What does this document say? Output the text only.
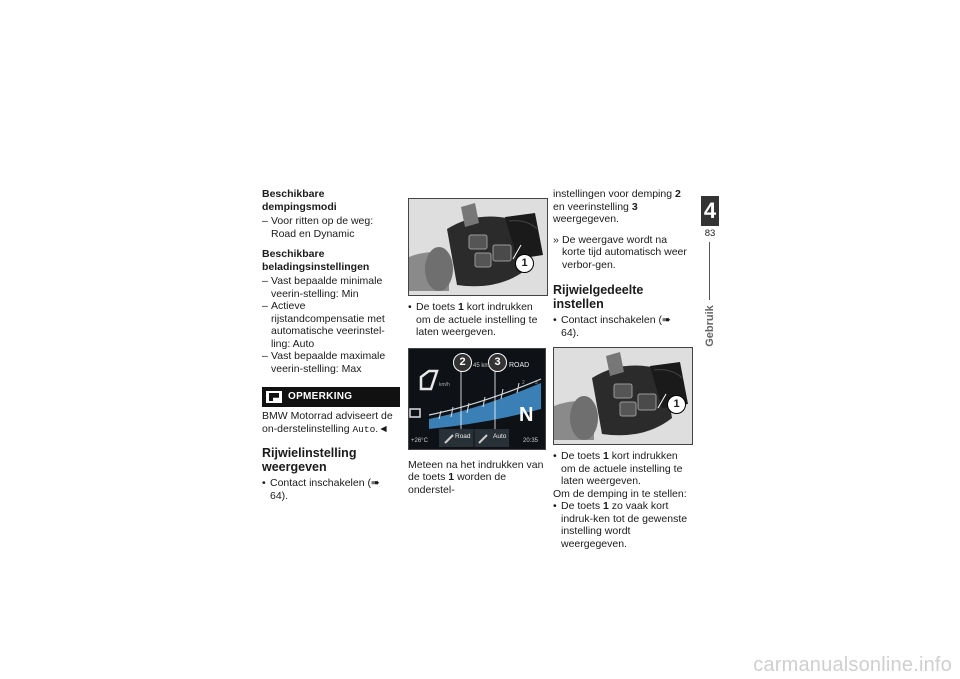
Beschikbare dempingsmodi

– Voor ritten op de weg: Road en Dynamic

Beschikbare beladingsinstellingen

– Vast bepaalde minimale veerin-stelling: Min

– Actieve rijstandcompensatie met automatische veerinstel-ling: Auto

– Vast bepaalde maximale veerin-stelling: Max

OPMERKING

BMW Motorrad adviseert de on-derstelinstelling Auto.◄

Rijwielinstelling weergeven

• Contact inschakelen (➠ 64).

1

• De toets 1 kort indrukken om de actuele instelling te laten weergeven.

2	3
45 km	ROAD
km/h
N
+26°C	20:35
Road	Auto
2 3

Meteen na het indrukken van de toets 1 worden de onderstel-

instellingen voor demping 2 en veerinstelling 3 weergegeven.

» De weergave wordt na korte tijd automatisch weer verbor-gen.

Rijwielgedeelte instellen

• Contact inschakelen (➠ 64).

1

• De toets 1 kort indrukken om de actuele instelling te laten weergeven.

Om de demping in te stellen:

• De toets 1 zo vaak kort indruk-ken tot de gewenste instelling wordt weergegeven.

4
83
Gebruik
carmanualsonline.info
